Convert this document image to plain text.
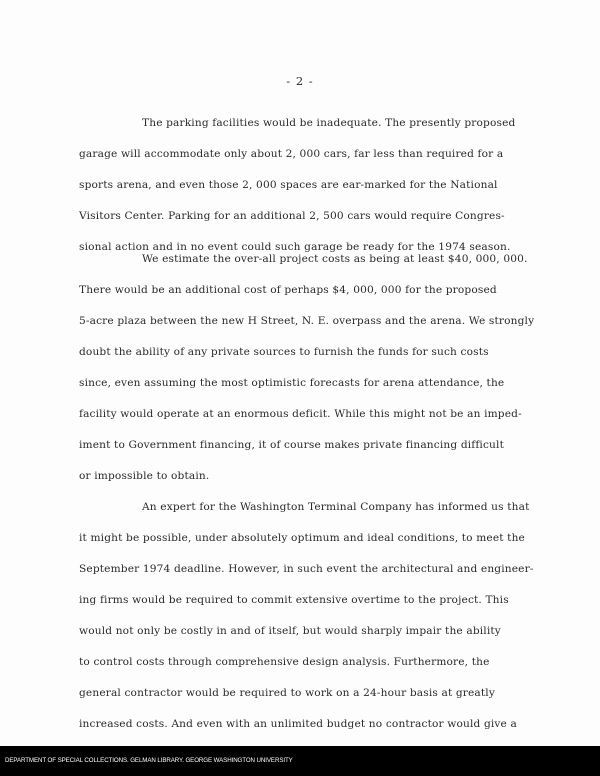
- 2 -
The parking facilities would be inadequate. The presently proposed
garage will accommodate only about 2, 000 cars, far less than required for a
sports arena, and even those 2, 000 spaces are ear-marked for the National
Visitors Center. Parking for an additional 2, 500 cars would require Congres-
sional action and in no event could such garage be ready for the 1974 season.
We estimate the over-all project costs as being at least $40, 000, 000.
There would be an additional cost of perhaps $4, 000, 000 for the proposed
5-acre plaza between the new H Street, N. E. overpass and the arena. We strongly
doubt the ability of any private sources to furnish the funds for such costs
since, even assuming the most optimistic forecasts for arena attendance, the
facility would operate at an enormous deficit. While this might not be an imped-
iment to Government financing, it of course makes private financing difficult
or impossible to obtain.
An expert for the Washington Terminal Company has informed us that
it might be possible, under absolutely optimum and ideal conditions, to meet the
September 1974 deadline. However, in such event the architectural and engineer-
ing firms would be required to commit extensive overtime to the project. This
would not only be costly in and of itself, but would sharply impair the ability
to control costs through comprehensive design analysis. Furthermore, the
general contractor would be required to work on a 24-hour basis at greatly
increased costs. And even with an unlimited budget no contractor would give a
DEPARTMENT OF SPECIAL COLLECTIONS. GELMAN LIBRARY. GEORGE WASHINGTON UNIVERSITY
